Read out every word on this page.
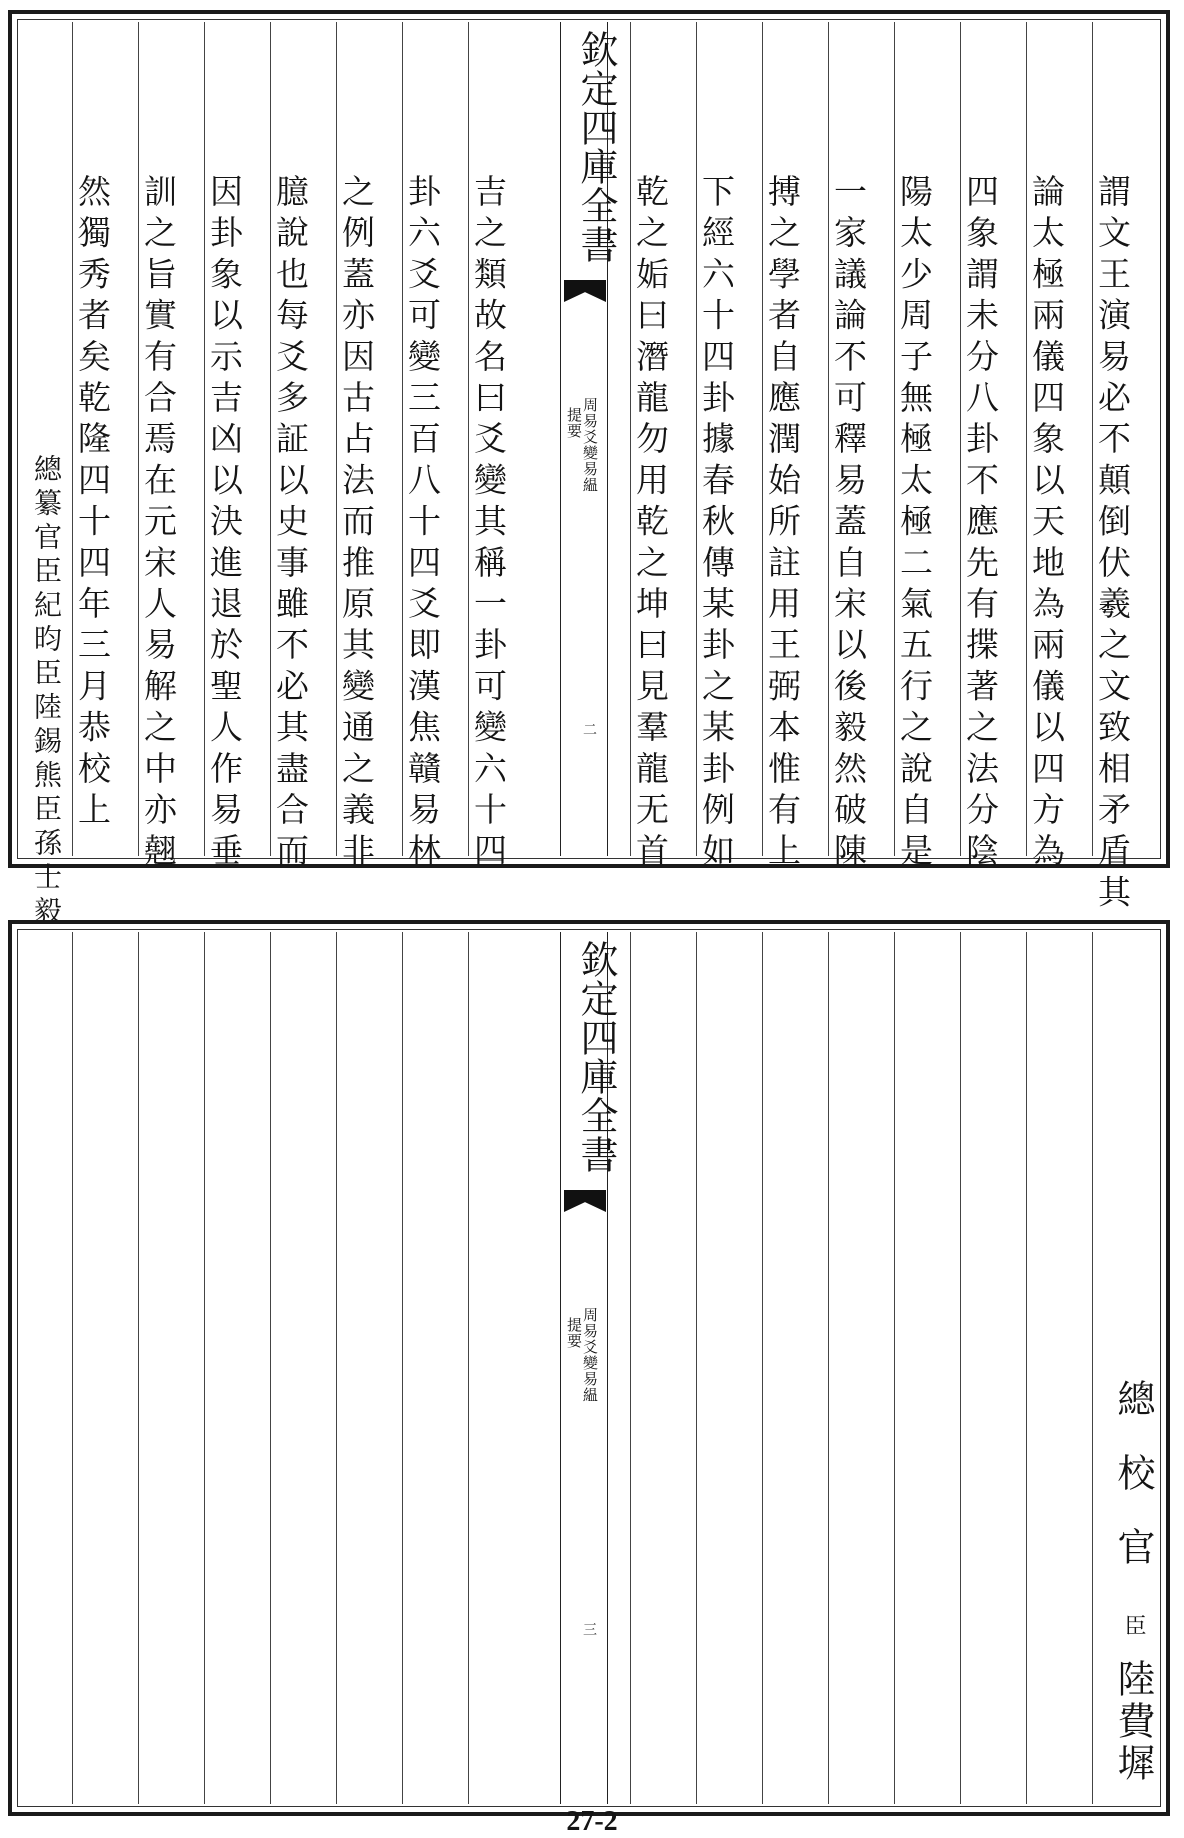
欽定四庫全書
周易爻變易緼
提要
二	謂文王演易必不顛倒伏羲之文致相矛盾其
論太極兩儀四象以天地為兩儀以四方為
四象謂未分八卦不應先有揲著之法分陰
陽太少周子無極太極二氣五行之說自是
一家議論不可釋易蓋自宋以後毅然破陳
搏之學者自應潤始所註用王弼本惟有上
下經六十四卦據春秋傳某卦之某卦例如
乾之姤曰潛龍勿用乾之坤曰見羣龍无首
吉之類故名曰爻變其稱一卦可變六十四
卦六爻可變三百八十四爻即漢焦贛易林
之例蓋亦因古占法而推原其變通之義非
臆說也每爻多証以史事雖不必其盡合而
因卦象以示吉凶以決進退於聖人作易垂
訓之旨實有合焉在元宋人易解之中亦翹
然獨秀者矣乾隆四十四年三月恭校上
總纂官臣紀昀臣陸錫熊臣孫士毅
欽定四庫全書
周易爻變易緼
提要
三
總校官
臣
陸費墀
27-2
